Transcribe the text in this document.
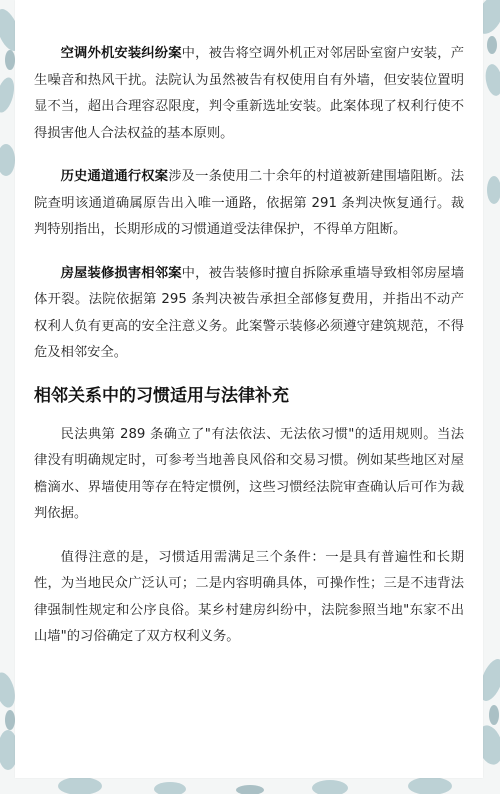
空调外机安装纠纷案中，被告将空调外机正对邻居卧室窗户安装，产生噪音和热风干扰。法院认为虽然被告有权使用自有外墙，但安装位置明显不当，超出合理容忍限度，判令重新选址安装。此案体现了权利行使不得损害他人合法权益的基本原则。

历史通道通行权案涉及一条使用二十余年的村道被新建围墙阻断。法院查明该通道确属原告出入唯一通路，依据第 291 条判决恢复通行。裁判特别指出，长期形成的习惯通道受法律保护，不得单方阻断。

房屋装修损害相邻案中，被告装修时擅自拆除承重墙导致相邻房屋墙体开裂。法院依据第 295 条判决被告承担全部修复费用，并指出不动产权利人负有更高的安全注意义务。此案警示装修必须遵守建筑规范，不得危及相邻安全。

相邻关系中的习惯适用与法律补充

民法典第 289 条确立了"有法依法、无法依习惯"的适用规则。当法律没有明确规定时，可参考当地善良风俗和交易习惯。例如某些地区对屋檐滴水、界墙使用等存在特定惯例，这些习惯经法院审查确认后可作为裁判依据。

值得注意的是，习惯适用需满足三个条件：一是具有普遍性和长期性，为当地民众广泛认可；二是内容明确具体，可操作性；三是不违背法律强制性规定和公序良俗。某乡村建房纠纷中，法院参照当地"东家不出山墙"的习俗确定了双方权利义务。
